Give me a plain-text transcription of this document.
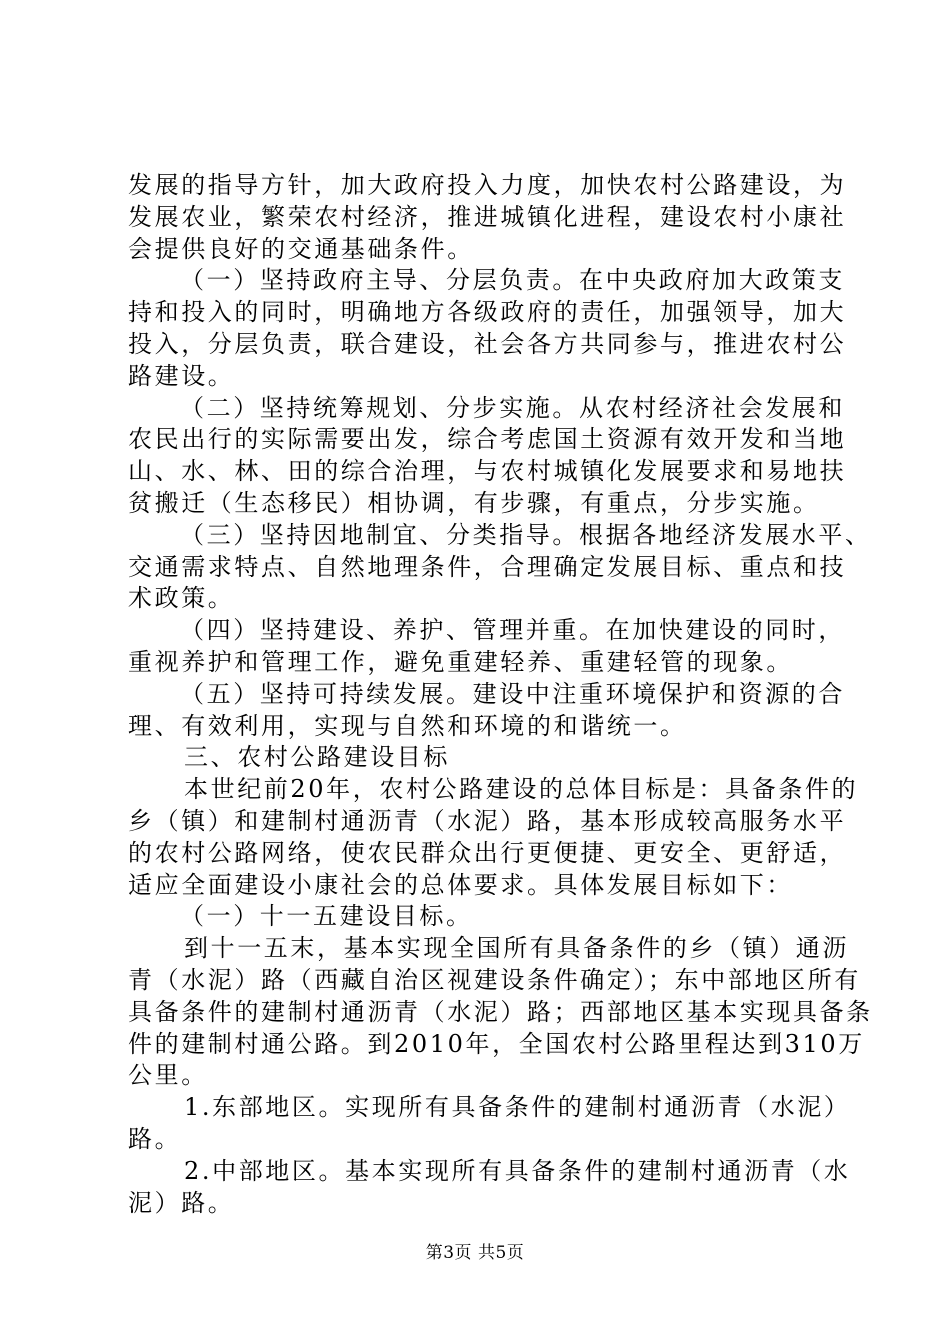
发展的指导方针，加大政府投入力度，加快农村公路建设，为
发展农业，繁荣农村经济，推进城镇化进程，建设农村小康社
会提供良好的交通基础条件。
（一）坚持政府主导、分层负责。在中央政府加大政策支
持和投入的同时，明确地方各级政府的责任，加强领导，加大
投入，分层负责，联合建设，社会各方共同参与，推进农村公
路建设。
（二）坚持统筹规划、分步实施。从农村经济社会发展和
农民出行的实际需要出发，综合考虑国土资源有效开发和当地
山、水、林、田的综合治理，与农村城镇化发展要求和易地扶
贫搬迁（生态移民）相协调，有步骤，有重点，分步实施。
（三）坚持因地制宜、分类指导。根据各地经济发展水平、
交通需求特点、自然地理条件，合理确定发展目标、重点和技
术政策。
（四）坚持建设、养护、管理并重。在加快建设的同时，
重视养护和管理工作，避免重建轻养、重建轻管的现象。
（五）坚持可持续发展。建设中注重环境保护和资源的合
理、有效利用，实现与自然和环境的和谐统一。
三、农村公路建设目标
本世纪前20年，农村公路建设的总体目标是：具备条件的
乡（镇）和建制村通沥青（水泥）路，基本形成较高服务水平
的农村公路网络，使农民群众出行更便捷、更安全、更舒适，
适应全面建设小康社会的总体要求。具体发展目标如下：
（一）十一五建设目标。
到十一五末，基本实现全国所有具备条件的乡（镇）通沥
青（水泥）路（西藏自治区视建设条件确定）；东中部地区所有
具备条件的建制村通沥青（水泥）路；西部地区基本实现具备条
件的建制村通公路。到2010年，全国农村公路里程达到310万
公里。
1.东部地区。实现所有具备条件的建制村通沥青（水泥）
路。
2.中部地区。基本实现所有具备条件的建制村通沥青（水
泥）路。
第3页 共5页
